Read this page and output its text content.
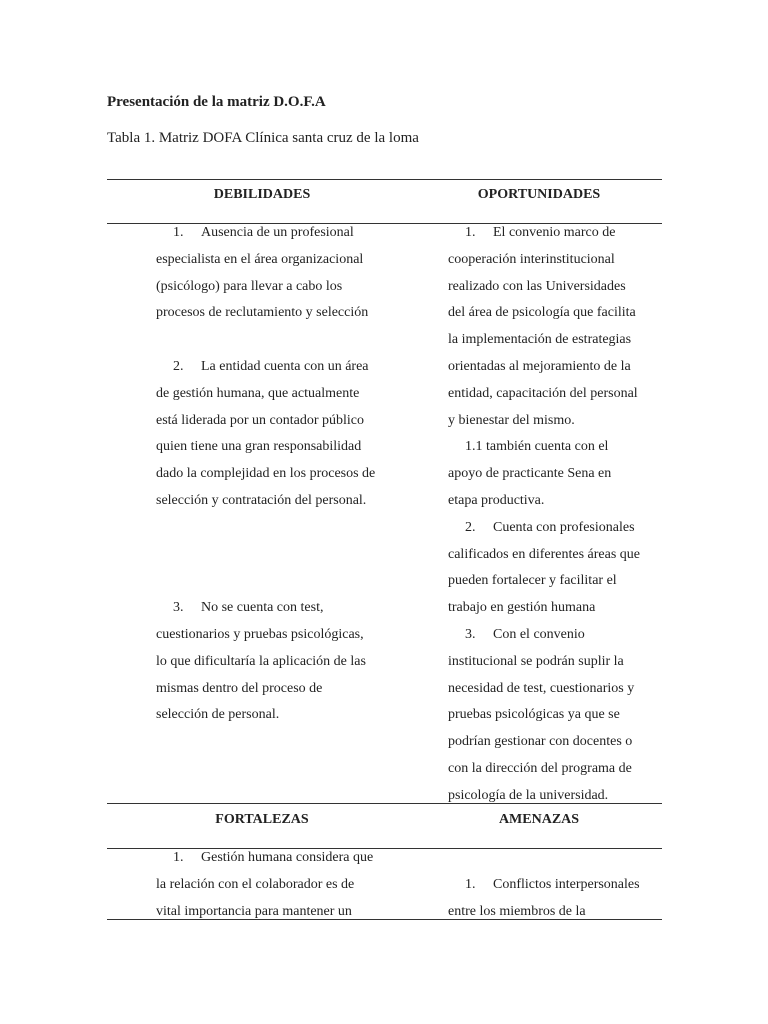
Presentación de la matriz D.O.F.A

Tabla 1. Matriz DOFA Clínica santa cruz de la loma

DEBILIDADES	OPORTUNIDADES
1. Ausencia de un profesional
especialista en el área organizacional
(psicólogo) para llevar a cabo los
procesos de reclutamiento y selección
2. La entidad cuenta con un área
de gestión humana, que actualmente
está liderada por un contador público
quien tiene una gran responsabilidad
dado la complejidad en los procesos de
selección y contratación del personal.
3. No se cuenta con test,
cuestionarios y pruebas psicológicas,
lo que dificultaría la aplicación de las
mismas dentro del proceso de
selección de personal.
1. El convenio marco de
cooperación interinstitucional
realizado con las Universidades
del área de psicología que facilita
la implementación de estrategias
orientadas al mejoramiento de la
entidad, capacitación del personal
y bienestar del mismo.
1.1 también cuenta con el
apoyo de practicante Sena en
etapa productiva.
2. Cuenta con profesionales
calificados en diferentes áreas que
pueden fortalecer y facilitar el
trabajo en gestión humana
3. Con el convenio
institucional se podrán suplir la
necesidad de test, cuestionarios y
pruebas psicológicas ya que se
podrían gestionar con docentes o
con la dirección del programa de
psicología de la universidad.
FORTALEZAS	AMENAZAS
1. Gestión humana considera que
la relación con el colaborador es de
vital importancia para mantener un
1. Conflictos interpersonales
entre los miembros de la
